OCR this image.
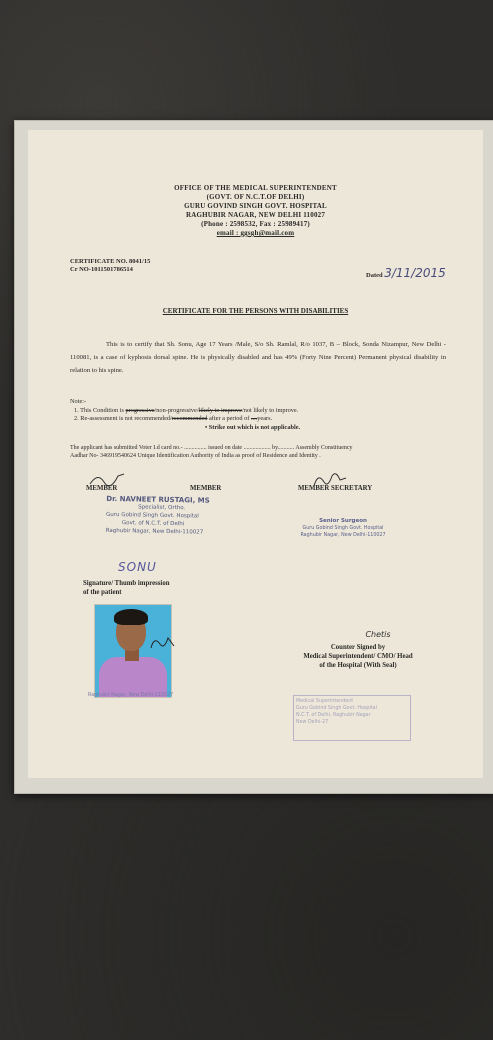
OFFICE OF THE MEDICAL SUPERINTENDENT
(GOVT. OF N.C.T.OF DELHI)
GURU GOVIND SINGH GOVT. HOSPITAL
RAGHUBIR NAGAR, NEW DELHI 110027
(Phone : 2598532, Fax : 25989417)
email : ggsgh@mail.com
CERTIFICATE NO. 8041/15
Cr NO-1011501786514
Dated 3/11/2015
CERTIFICATE FOR THE PERSONS WITH DISABILITIES
This is to certify that Sh. Sonu, Age 17 Years /Male, S/o Sh. Ramlal, R/o 1037, B – Block, Sonda Nizampur, New Delhi - 110081, is a case of kyphosis dorsal spine. He is physically disabled and has 49% (Forty Nine Percent) Permanent physical disability in relation to his spine.
Note:-
1. This Condition is progressive/non-progressive/likely to improve/not likely to improve.
2. Re-assessment is not recommended/recommended after a period of ....years.
• Strike out which is not applicable.
The applicant has submitted Voter I.d card no.- ............... issued on date .................. by........... Assembly Constituency
Aadhar No- 346919540624 Unique Identification Authority of India as proof of Residence and Identity .
MEMBER	MEMBER	MEMBER SECRETARY
Dr. NAVNEET RUSTAGI, MS
Specialist, Ortho.
Guru Gobind Singh Govt. Hospital
Govt. of N.C.T. of Delhi
Raghubir Nagar, New Delhi-110027
Senior Surgeon
Guru Gobind Singh Govt. Hospital
Raghubir Nagar, New Delhi-110027
SONU
Signature/ Thumb impression
of the patient
Raghubir Nagar, New Delhi-110027
Chetis
Counter Signed by
Medical Superintendent/ CMO/ Head
of the Hospital (With Seal)
Medical Superintendent
Guru Gobind Singh Govt. Hospital
N.C.T. of Delhi, Raghubir Nagar
New Delhi-27
